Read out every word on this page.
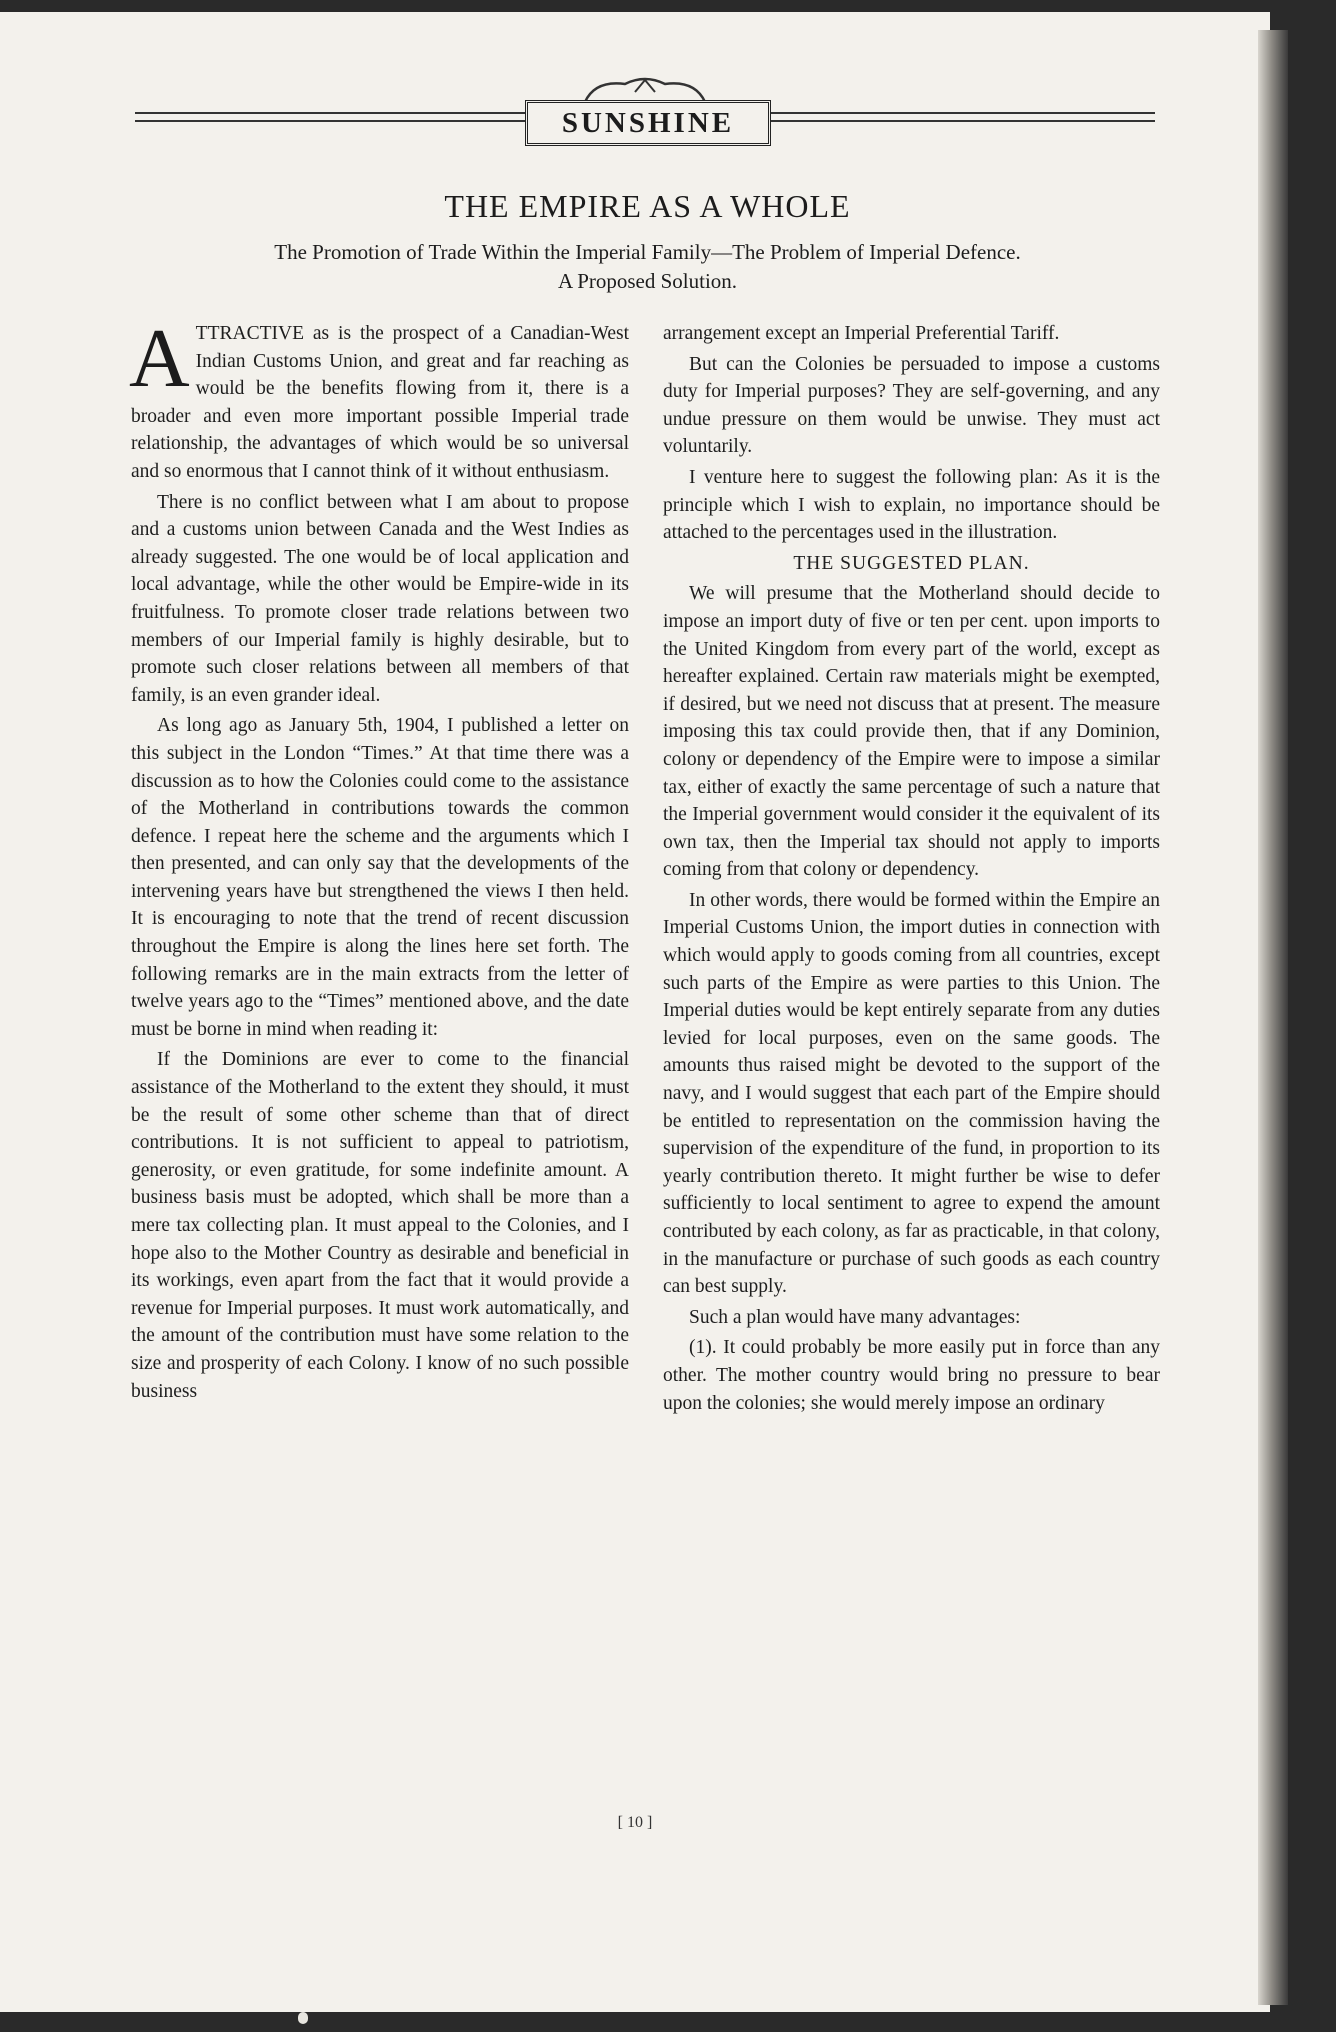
SUNSHINE
THE EMPIRE AS A WHOLE
The Promotion of Trade Within the Imperial Family—The Problem of Imperial Defence.
A Proposed Solution.

ATTRACTIVE as is the prospect of a Canadian-West Indian Customs Union, and great and far reaching as would be the benefits flowing from it, there is a broader and even more important possible Imperial trade relationship, the advantages of which would be so universal and so enormous that I cannot think of it without enthusiasm.

There is no conflict between what I am about to propose and a customs union between Canada and the West Indies as already suggested. The one would be of local application and local advantage, while the other would be Empire-wide in its fruitfulness. To promote closer trade relations between two members of our Imperial family is highly desirable, but to promote such closer relations between all members of that family, is an even grander ideal.

As long ago as January 5th, 1904, I published a letter on this subject in the London “Times.” At that time there was a discussion as to how the Colonies could come to the assistance of the Motherland in contributions towards the common defence. I repeat here the scheme and the arguments which I then presented, and can only say that the developments of the intervening years have but strengthened the views I then held. It is encouraging to note that the trend of recent discussion throughout the Empire is along the lines here set forth. The following remarks are in the main extracts from the letter of twelve years ago to the “Times” mentioned above, and the date must be borne in mind when reading it:

If the Dominions are ever to come to the financial assistance of the Motherland to the extent they should, it must be the result of some other scheme than that of direct contributions. It is not sufficient to appeal to patriotism, generosity, or even gratitude, for some indefinite amount. A business basis must be adopted, which shall be more than a mere tax collecting plan. It must appeal to the Colonies, and I hope also to the Mother Country as desirable and beneficial in its workings, even apart from the fact that it would provide a revenue for Imperial purposes. It must work automatically, and the amount of the contribution must have some relation to the size and prosperity of each Colony. I know of no such possible business

arrangement except an Imperial Preferential Tariff.

But can the Colonies be persuaded to impose a customs duty for Imperial purposes? They are self-governing, and any undue pressure on them would be unwise. They must act voluntarily.

I venture here to suggest the following plan: As it is the principle which I wish to explain, no importance should be attached to the percentages used in the illustration.

THE SUGGESTED PLAN.

We will presume that the Motherland should decide to impose an import duty of five or ten per cent. upon imports to the United Kingdom from every part of the world, except as hereafter explained. Certain raw materials might be exempted, if desired, but we need not discuss that at present. The measure imposing this tax could provide then, that if any Dominion, colony or dependency of the Empire were to impose a similar tax, either of exactly the same percentage of such a nature that the Imperial government would consider it the equivalent of its own tax, then the Imperial tax should not apply to imports coming from that colony or dependency.

In other words, there would be formed within the Empire an Imperial Customs Union, the import duties in connection with which would apply to goods coming from all countries, except such parts of the Empire as were parties to this Union. The Imperial duties would be kept entirely separate from any duties levied for local purposes, even on the same goods. The amounts thus raised might be devoted to the support of the navy, and I would suggest that each part of the Empire should be entitled to representation on the commission having the supervision of the expenditure of the fund, in proportion to its yearly contribution thereto. It might further be wise to defer sufficiently to local sentiment to agree to expend the amount contributed by each colony, as far as practicable, in that colony, in the manufacture or purchase of such goods as each country can best supply.

Such a plan would have many advantages:

(1). It could probably be more easily put in force than any other. The mother country would bring no pressure to bear upon the colonies; she would merely impose an ordinary

[ 10 ]
